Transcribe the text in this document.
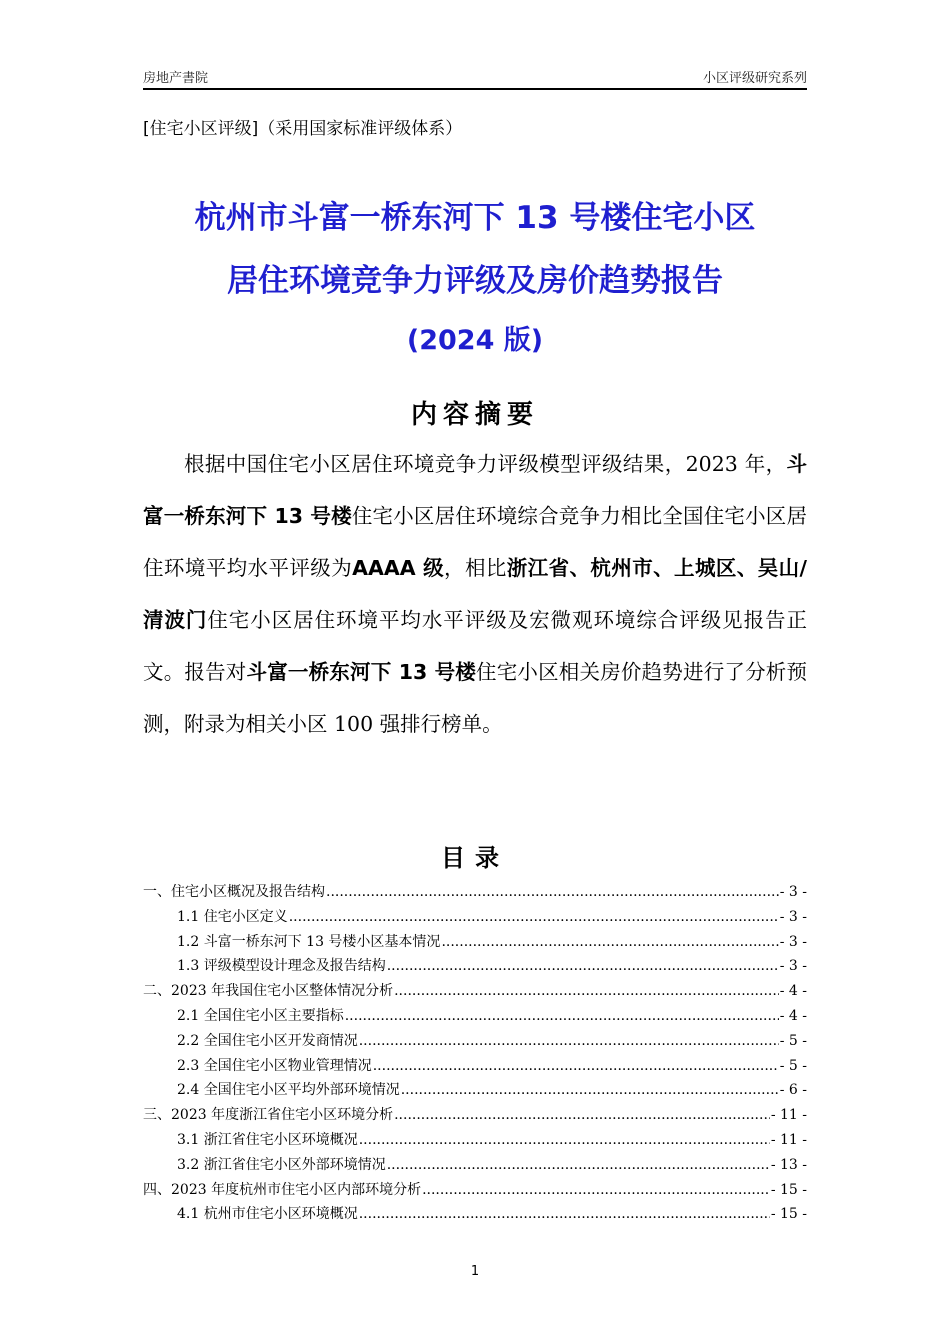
房地产書院	小区评级研究系列
[住宅小区评级]（采用国家标准评级体系）
杭州市斗富一桥东河下 13 号楼住宅小区
居住环境竞争力评级及房价趋势报告
(2024 版)
内容摘要

根据中国住宅小区居住环境竞争力评级模型评级结果，2023 年，斗富一桥东河下 13 号楼住宅小区居住环境综合竞争力相比全国住宅小区居住环境平均水平评级为AAAA 级，相比浙江省、杭州市、上城区、吴山/清波门住宅小区居住环境平均水平评级及宏微观环境综合评级见报告正文。报告对斗富一桥东河下 13 号楼住宅小区相关房价趋势进行了分析预测，附录为相关小区 100 强排行榜单。

目录
一、住宅小区概况及报告结构 .....	- 3 -
1.1 住宅小区定义 .....	- 3 -
1.2 斗富一桥东河下 13 号楼小区基本情况 .....	- 3 -
1.3 评级模型设计理念及报告结构 .....	- 3 -
二、2023 年我国住宅小区整体情况分析 .....	- 4 -
2.1 全国住宅小区主要指标 .....	- 4 -
2.2 全国住宅小区开发商情况 .....	- 5 -
2.3 全国住宅小区物业管理情况 .....	- 5 -
2.4 全国住宅小区平均外部环境情况 .....	- 6 -
三、2023 年度浙江省住宅小区环境分析 .....	- 11 -
3.1 浙江省住宅小区环境概况 .....	- 11 -
3.2 浙江省住宅小区外部环境情况 .....	- 13 -
四、2023 年度杭州市住宅小区内部环境分析 .....	- 15 -
4.1 杭州市住宅小区环境概况 .....	- 15 -
1
